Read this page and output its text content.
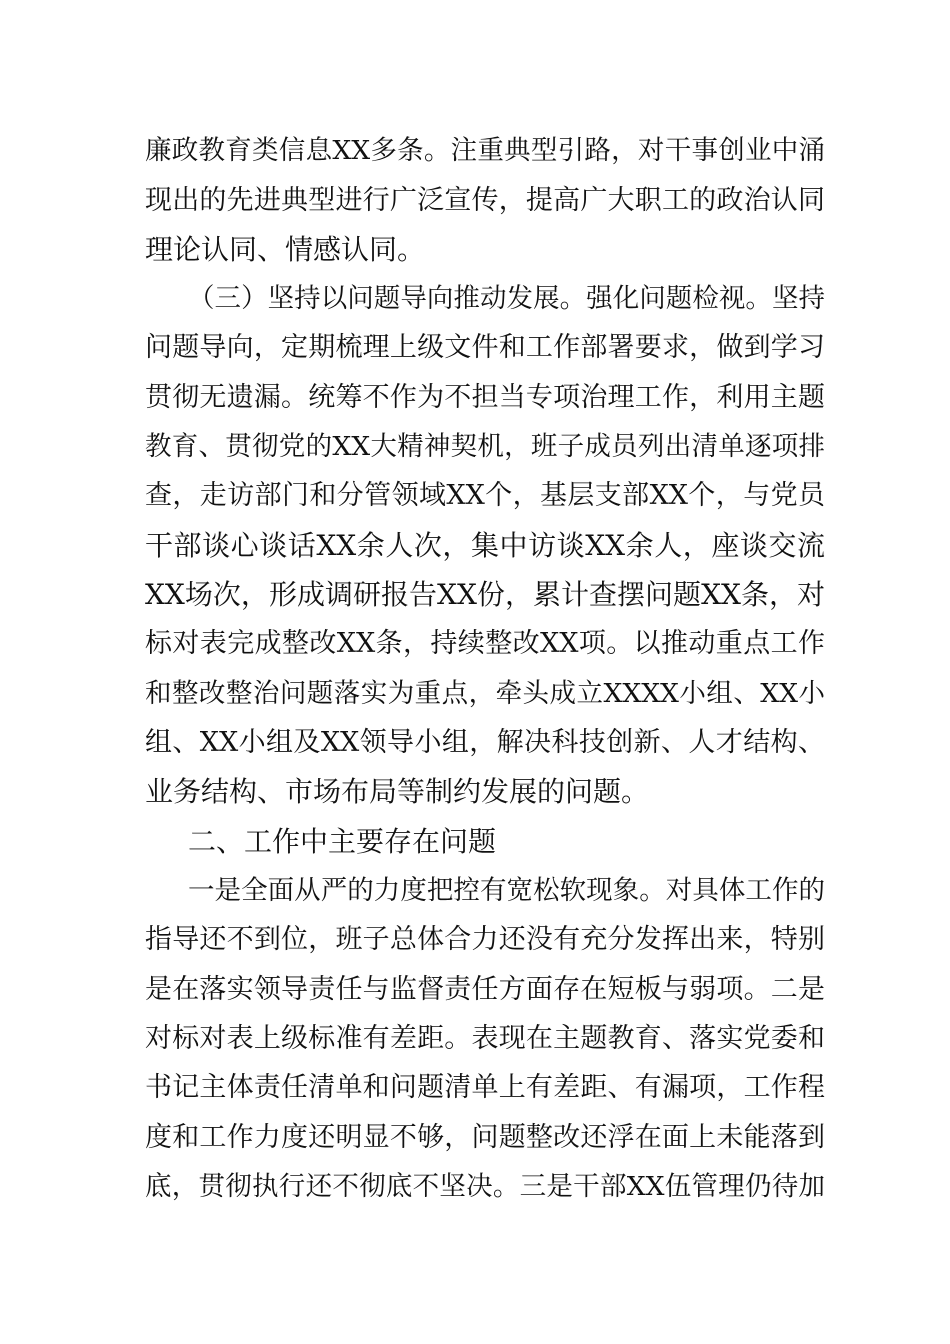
廉政教育类信息XX多条。注重典型引路，对干事创业中涌
现出的先进典型进行广泛宣传，提高广大职工的政治认同
理论认同、情感认同。
（三）坚持以问题导向推动发展。强化问题检视。坚持
问题导向，定期梳理上级文件和工作部署要求，做到学习
贯彻无遗漏。统筹不作为不担当专项治理工作，利用主题
教育、贯彻党的XX大精神契机，班子成员列出清单逐项排
查，走访部门和分管领域XX个，基层支部XX个，与党员
干部谈心谈话XX余人次，集中访谈XX余人，座谈交流
XX场次，形成调研报告XX份，累计查摆问题XX条，对
标对表完成整改XX条，持续整改XX项。以推动重点工作
和整改整治问题落实为重点，牵头成立XXXX小组、XX小
组、XX小组及XX领导小组，解决科技创新、人才结构、
业务结构、市场布局等制约发展的问题。
二、工作中主要存在问题
一是全面从严的力度把控有宽松软现象。对具体工作的
指导还不到位，班子总体合力还没有充分发挥出来，特别
是在落实领导责任与监督责任方面存在短板与弱项。二是
对标对表上级标准有差距。表现在主题教育、落实党委和
书记主体责任清单和问题清单上有差距、有漏项，工作程
度和工作力度还明显不够，问题整改还浮在面上未能落到
底，贯彻执行还不彻底不坚决。三是干部XX伍管理仍待加
